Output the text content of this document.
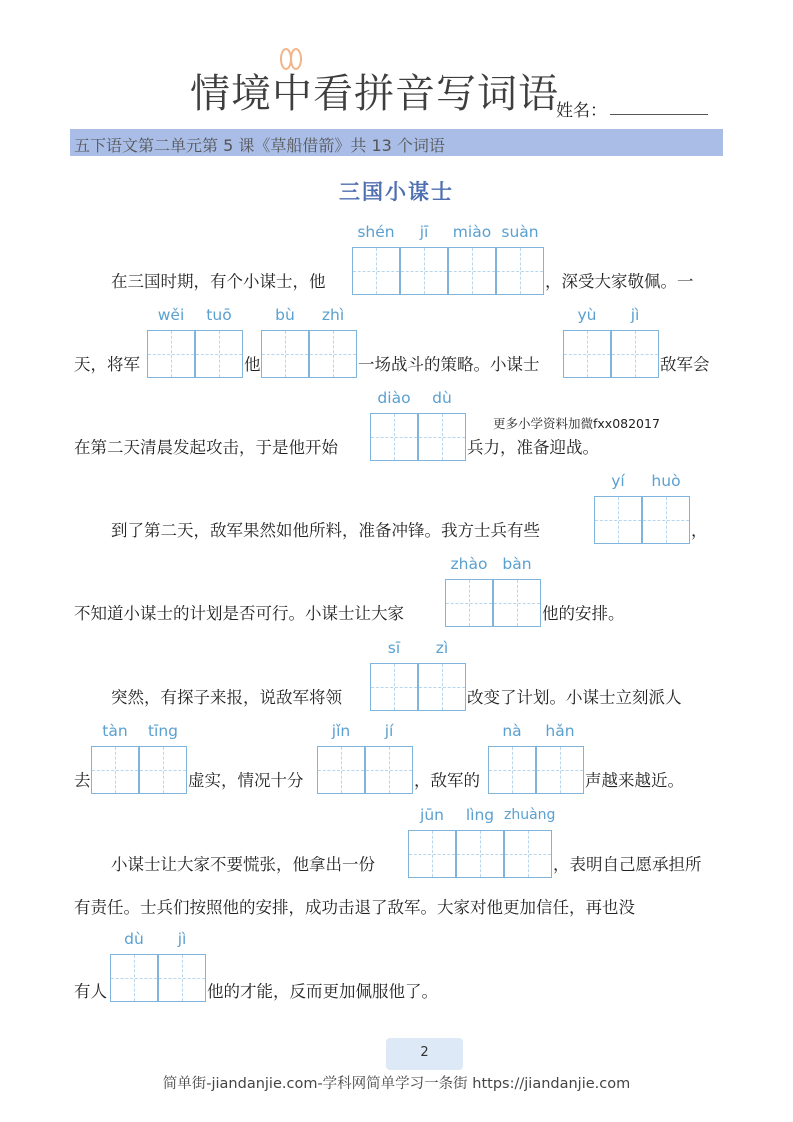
情境中看拼音写词语
姓名：
五下语文第二单元第 5 课《草船借箭》共 13 个词语
三国小谋士
在三国时期，有个小谋士，他
shén	jī	miào suàn
，深受大家敬佩。一
天，将军
wěi	tuō
他
bù	zhì
一场战斗的策略。小谋士
yù	jì
敌军会
在第二天清晨发起攻击，于是他开始
diào	dù
兵力，准备迎战。
更多小学资料加微fxx082017
到了第二天，敌军果然如他所料，准备冲锋。我方士兵有些
yí	huò
，
不知道小谋士的计划是否可行。小谋士让大家
zhào bàn
他的安排。
突然，有探子来报，说敌军将领
sī	zì
改变了计划。小谋士立刻派人
去
tàn	tīng
虚实，情况十分
jǐn	jí
，敌军的
nà	hǎn
声越来越近。
小谋士让大家不要慌张，他拿出一份
jūn	lìng zhuàng
，表明自己愿承担所
有责任。士兵们按照他的安排，成功击退了敌军。大家对他更加信任，再也没
有人
dù	jì
他的才能，反而更加佩服他了。
2
简单街-jiandanjie.com-学科网简单学习一条街 https://jiandanjie.com
